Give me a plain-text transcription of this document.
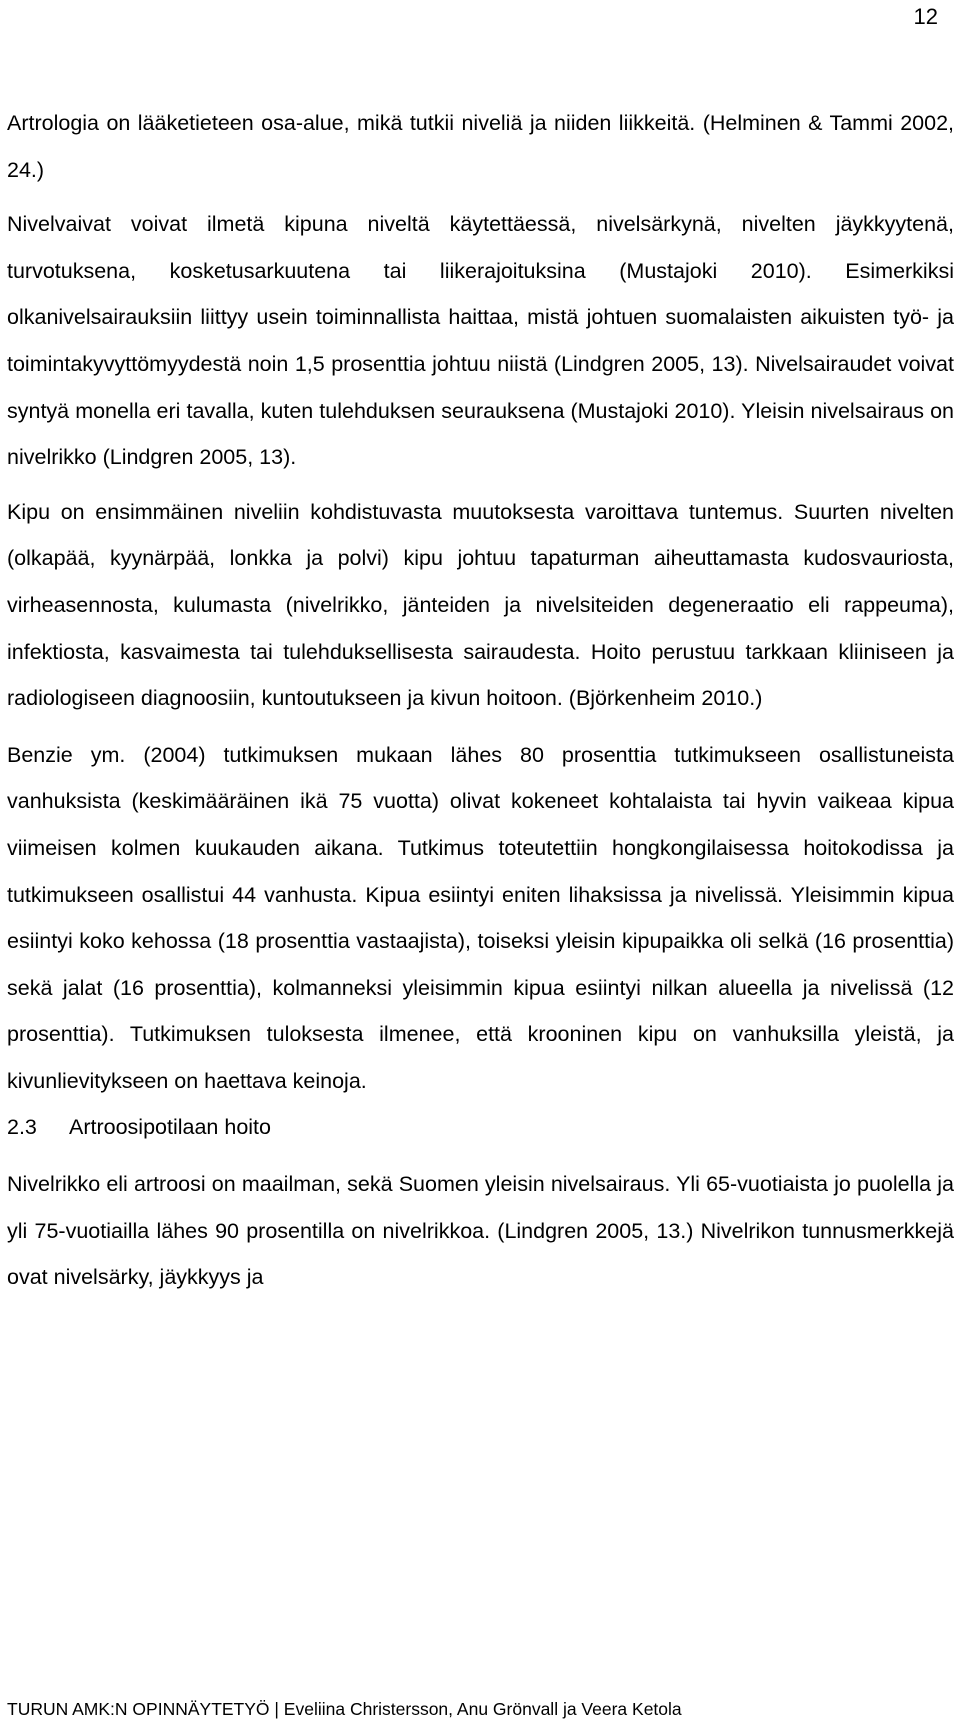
12

Artrologia on lääketieteen osa-alue, mikä tutkii niveliä ja niiden liikkeitä. (Helminen & Tammi 2002, 24.)

Nivelvaivat voivat ilmetä kipuna niveltä käytettäessä, nivelsärkynä, nivelten jäykkyytenä, turvotuksena, kosketusarkuutena tai liikerajoituksina (Mustajoki 2010). Esimerkiksi olkanivelsairauksiin liittyy usein toiminnallista haittaa, mistä johtuen suomalaisten aikuisten työ- ja toimintakyvyttömyydestä noin 1,5 prosenttia johtuu niistä (Lindgren 2005, 13). Nivelsairaudet voivat syntyä monella eri tavalla, kuten tulehduksen seurauksena (Mustajoki 2010). Yleisin nivelsairaus on nivelrikko (Lindgren 2005, 13).

Kipu on ensimmäinen niveliin kohdistuvasta muutoksesta varoittava tuntemus. Suurten nivelten (olkapää, kyynärpää, lonkka ja polvi) kipu johtuu tapaturman aiheuttamasta kudosvauriosta, virheasennosta, kulumasta (nivelrikko, jänteiden ja nivelsiteiden degeneraatio eli rappeuma), infektiosta, kasvaimesta tai tulehduksellisesta sairaudesta. Hoito perustuu tarkkaan kliiniseen ja radiologiseen diagnoosiin, kuntoutukseen ja kivun hoitoon. (Björkenheim 2010.)

Benzie ym. (2004) tutkimuksen mukaan lähes 80 prosenttia tutkimukseen osallistuneista vanhuksista (keskimääräinen ikä 75 vuotta) olivat kokeneet kohtalaista tai hyvin vaikeaa kipua viimeisen kolmen kuukauden aikana. Tutkimus toteutettiin hongkongilaisessa hoitokodissa ja tutkimukseen osallistui 44 vanhusta. Kipua esiintyi eniten lihaksissa ja nivelissä. Yleisimmin kipua esiintyi koko kehossa (18 prosenttia vastaajista), toiseksi yleisin kipupaikka oli selkä (16 prosenttia) sekä jalat (16 prosenttia), kolmanneksi yleisimmin kipua esiintyi nilkan alueella ja nivelissä (12 prosenttia). Tutkimuksen tuloksesta ilmenee, että krooninen kipu on vanhuksilla yleistä, ja kivunlievitykseen on haettava keinoja.

2.3	Artroosipotilaan hoito

Nivelrikko eli artroosi on maailman, sekä Suomen yleisin nivelsairaus. Yli 65-vuotiaista jo puolella ja yli 75-vuotiailla lähes 90 prosentilla on nivelrikkoa. (Lindgren 2005, 13.) Nivelrikon tunnusmerkkejä ovat nivelsärky, jäykkyys ja

TURUN AMK:N OPINNÄYTETYÖ | Eveliina Christersson, Anu Grönvall ja Veera Ketola
